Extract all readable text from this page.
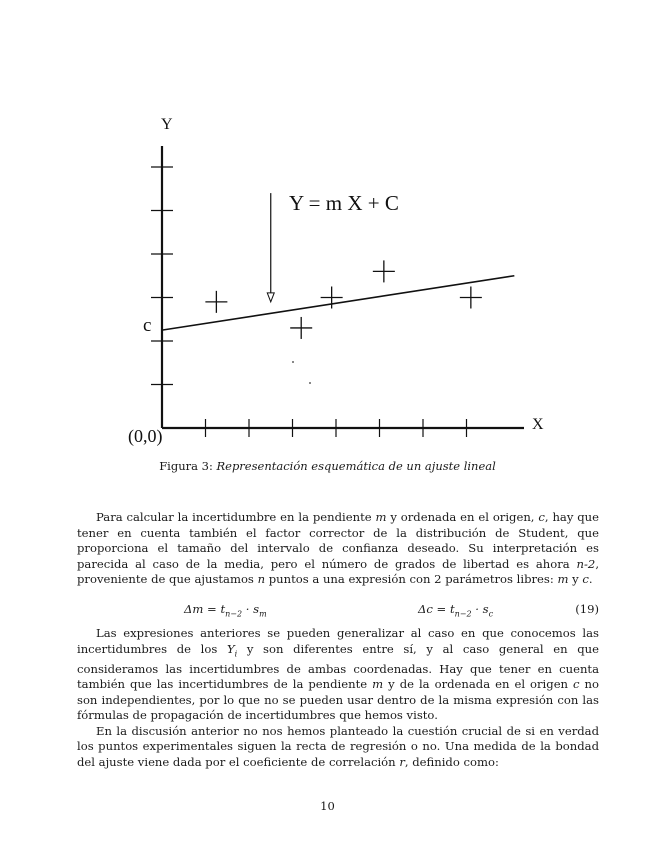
Y
X
(0,0)
c
Y = m X + C
Figura 3: Representación esquemática de un ajuste lineal

Para calcular la incertidumbre en la pendiente m y ordenada en el origen, c, hay que tener en cuenta también el factor corrector de la distribución de Student, que proporciona el tamaño del intervalo de confianza deseado. Su interpretación es parecida al caso de la media, pero el número de grados de libertad es ahora n-2, proveniente de que ajustamos n puntos a una expresión con 2 parámetros libres: m y c.

$\Delta m = t_{n-2} \cdot s_m$	$\Delta c = t_{n-2} \cdot s_c$	(19)

Las expresiones anteriores se pueden generalizar al caso en que conocemos las incertidumbres de los $Y_i$ y son diferentes entre sí, y al caso general en que consideramos las incertidumbres de ambas coordenadas. Hay que tener en cuenta también que las incertidumbres de la pendiente m y de la ordenada en el origen c no son independientes, por lo que no se pueden usar dentro de la misma expresión con las fórmulas de propagación de incertidumbres que hemos visto.

En la discusión anterior no nos hemos planteado la cuestión crucial de si en verdad los puntos experimentales siguen la recta de regresión o no. Una medida de la bondad del ajuste viene dada por el coeficiente de correlación r, definido como:

10
